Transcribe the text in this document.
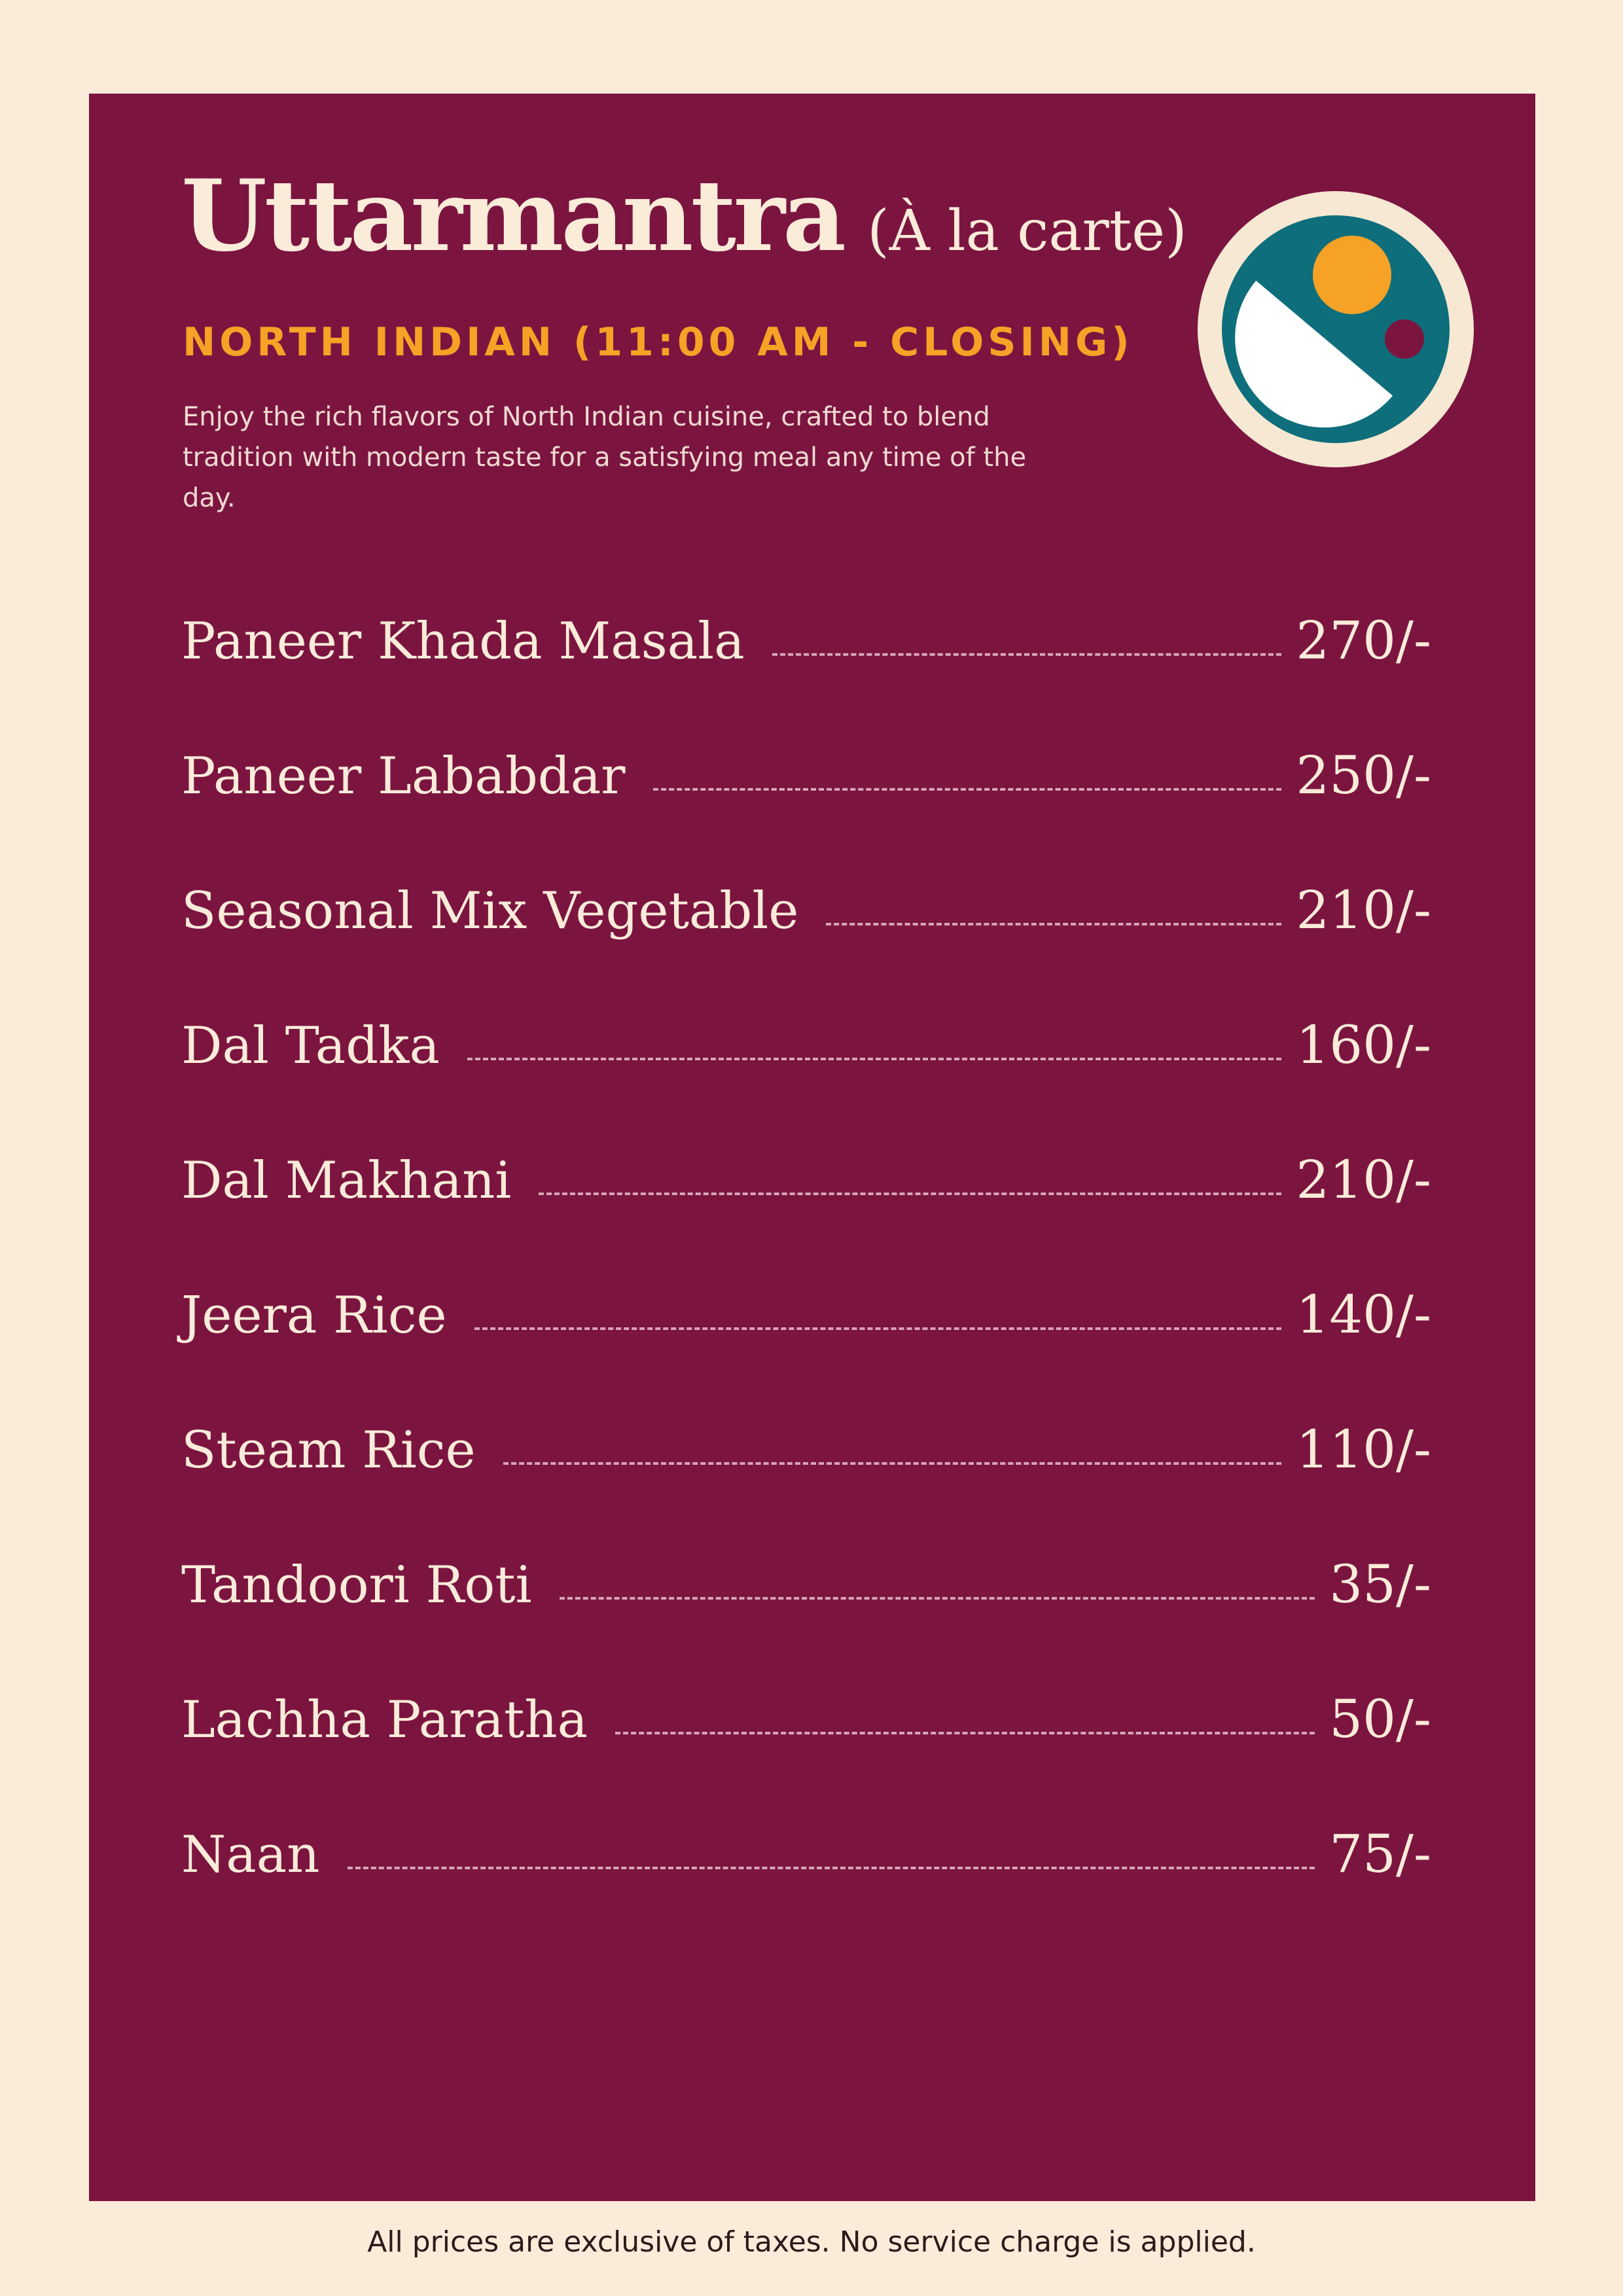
Uttarmantra (À la carte)
NORTH INDIAN (11:00 AM - CLOSING)
Enjoy the rich flavors of North Indian cuisine, crafted to blend tradition with modern taste for a satisfying meal any time of the day.
Paneer Khada Masala	270/-
Paneer Lababdar	250/-
Seasonal Mix Vegetable	210/-
Dal Tadka	160/-
Dal Makhani	210/-
Jeera Rice	140/-
Steam Rice	110/-
Tandoori Roti	35/-
Lachha Paratha	50/-
Naan	75/-
All prices are exclusive of taxes. No service charge is applied.
